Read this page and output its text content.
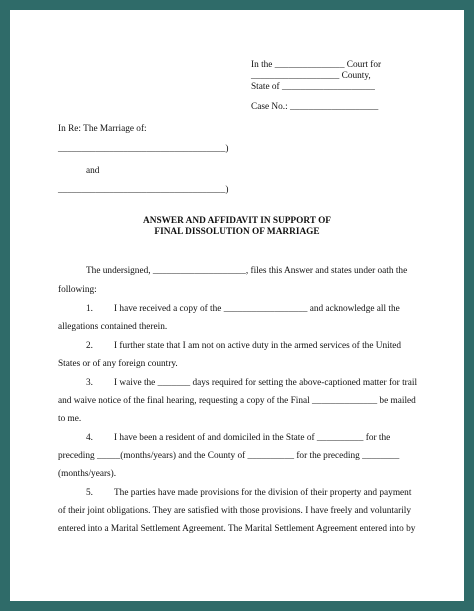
In the _______________ Court for
___________________ County,
State of ____________________
Case No.: ___________________
In Re: The Marriage of:
____________________________________)
and
____________________________________)
ANSWER AND AFFIDAVIT IN SUPPORT OF
FINAL DISSOLUTION OF MARRIAGE
The undersigned, ____________________, files this Answer and states under oath the
following:
1. I have received a copy of the __________________ and acknowledge all the
allegations contained therein.
2. I further state that I am not on active duty in the armed services of the United
States or of any foreign country.
3. I waive the _______ days required for setting the above-captioned matter for trail
and waive notice of the final hearing, requesting a copy of the Final ______________ be mailed
to me.
4. I have been a resident of and domiciled in the State of __________ for the
preceding _____(months/years) and the County of __________ for the preceding ________
(months/years).
5. The parties have made provisions for the division of their property and payment
of their joint obligations. They are satisfied with those provisions. I have freely and voluntarily
entered into a Marital Settlement Agreement. The Marital Settlement Agreement entered into by
